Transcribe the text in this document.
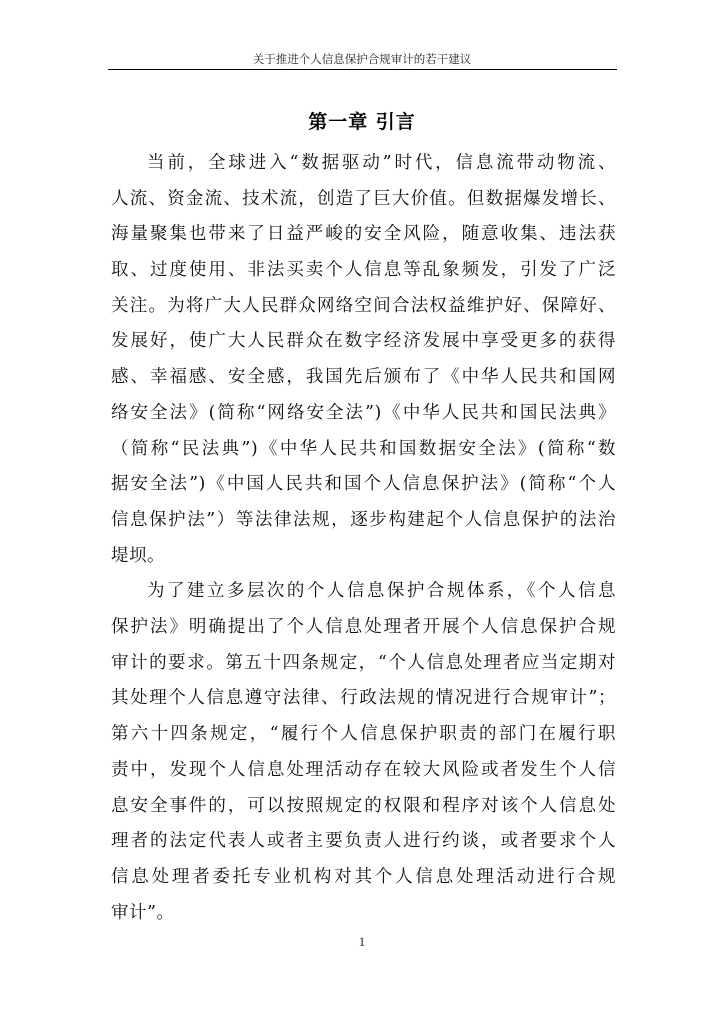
关于推进个人信息保护合规审计的若干建议
第一章 引言
当前，全球进入“数据驱动”时代，信息流带动物流、
人流、资金流、技术流，创造了巨大价值。但数据爆发增长、
海量聚集也带来了日益严峻的安全风险，随意收集、违法获
取、过度使用、非法买卖个人信息等乱象频发，引发了广泛
关注。为将广大人民群众网络空间合法权益维护好、保障好、
发展好，使广大人民群众在数字经济发展中享受更多的获得
感、幸福感、安全感，我国先后颁布了《中华人民共和国网
络安全法》(简称“网络安全法”)《中华人民共和国民法典》
（简称“民法典”)《中华人民共和国数据安全法》(简称“数
据安全法”)《中国人民共和国个人信息保护法》(简称“个人
信息保护法”）等法律法规，逐步构建起个人信息保护的法治
堤坝。
为了建立多层次的个人信息保护合规体系，《个人信息
保护法》明确提出了个人信息处理者开展个人信息保护合规
审计的要求。第五十四条规定，“个人信息处理者应当定期对
其处理个人信息遵守法律、行政法规的情况进行合规审计”；
第六十四条规定，“履行个人信息保护职责的部门在履行职
责中，发现个人信息处理活动存在较大风险或者发生个人信
息安全事件的，可以按照规定的权限和程序对该个人信息处
理者的法定代表人或者主要负责人进行约谈，或者要求个人
信息处理者委托专业机构对其个人信息处理活动进行合规
审计”。
1
